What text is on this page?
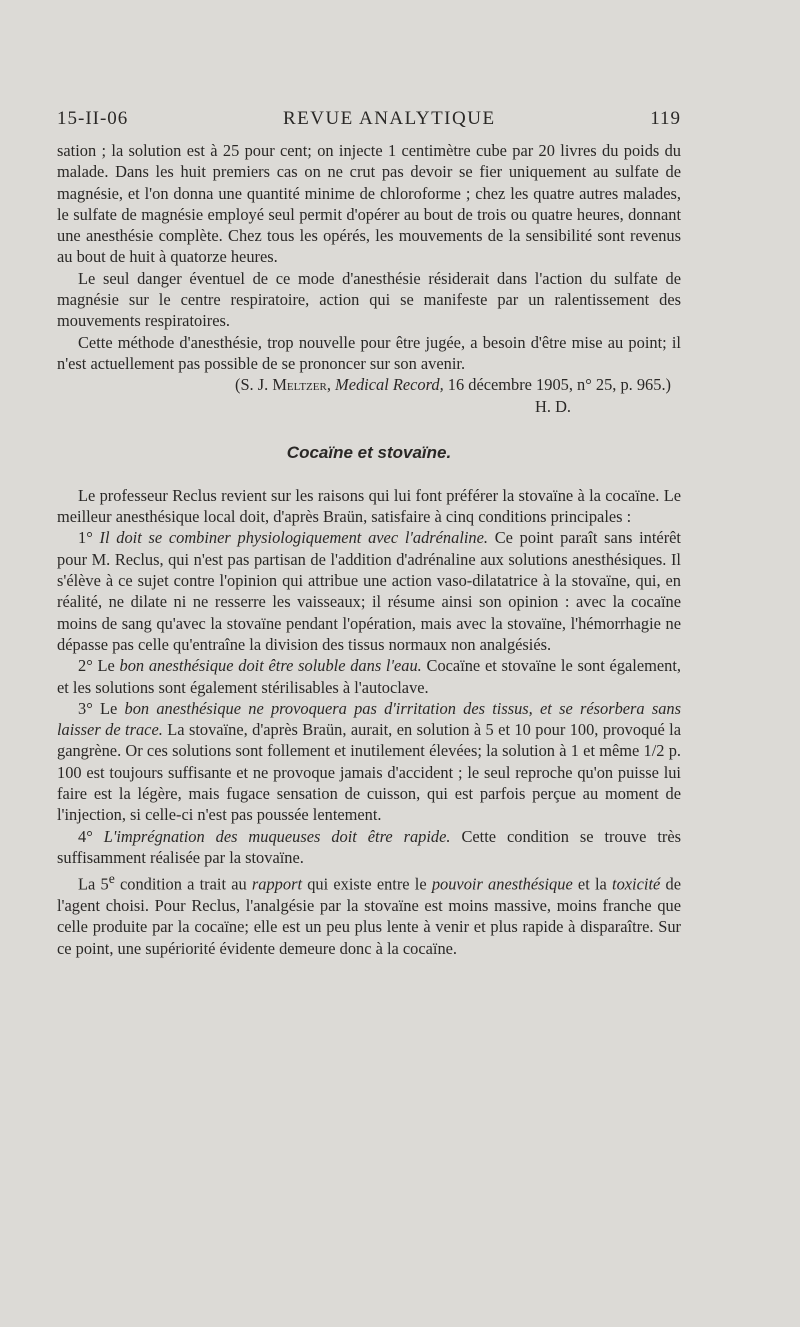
15-II-06	REVUE ANALYTIQUE	119

sation ; la solution est à 25 pour cent; on injecte 1 centimètre cube par 20 livres du poids du malade. Dans les huit premiers cas on ne crut pas devoir se fier uniquement au sulfate de magnésie, et l'on donna une quantité minime de chloroforme ; chez les quatre autres malades, le sulfate de magnésie employé seul permit d'opérer au bout de trois ou quatre heures, donnant une anesthésie complète. Chez tous les opérés, les mouvements de la sensibilité sont revenus au bout de huit à quatorze heures.

Le seul danger éventuel de ce mode d'anesthésie résiderait dans l'action du sulfate de magnésie sur le centre respiratoire, action qui se manifeste par un ralentissement des mouvements respiratoires.

Cette méthode d'anesthésie, trop nouvelle pour être jugée, a besoin d'être mise au point; il n'est actuellement pas possible de se prononcer sur son avenir.

(S. J. Meltzer, Medical Record, 16 décembre 1905, n° 25, p. 965.)
H. D.
Cocaïne et stovaïne.

Le professeur Reclus revient sur les raisons qui lui font préférer la stovaïne à la cocaïne. Le meilleur anesthésique local doit, d'après Braün, satisfaire à cinq conditions principales :

1° Il doit se combiner physiologiquement avec l'adrénaline. Ce point paraît sans intérêt pour M. Reclus, qui n'est pas partisan de l'addition d'adrénaline aux solutions anesthésiques. Il s'élève à ce sujet contre l'opinion qui attribue une action vaso-dilatatrice à la stovaïne, qui, en réalité, ne dilate ni ne resserre les vaisseaux; il résume ainsi son opinion : avec la cocaïne moins de sang qu'avec la stovaïne pendant l'opération, mais avec la stovaïne, l'hémorrhagie ne dépasse pas celle qu'entraîne la division des tissus normaux non analgésiés.

2° Le bon anesthésique doit être soluble dans l'eau. Cocaïne et stovaïne le sont également, et les solutions sont également stérilisables à l'autoclave.

3° Le bon anesthésique ne provoquera pas d'irritation des tissus, et se résorbera sans laisser de trace. La stovaïne, d'après Braün, aurait, en solution à 5 et 10 pour 100, provoqué la gangrène. Or ces solutions sont follement et inutilement élevées; la solution à 1 et même 1/2 p. 100 est toujours suffisante et ne provoque jamais d'accident ; le seul reproche qu'on puisse lui faire est la légère, mais fugace sensation de cuisson, qui est parfois perçue au moment de l'injection, si celle-ci n'est pas poussée lentement.

4° L'imprégnation des muqueuses doit être rapide. Cette condition se trouve très suffisamment réalisée par la stovaïne.

La 5e condition a trait au rapport qui existe entre le pouvoir anesthésique et la toxicité de l'agent choisi. Pour Reclus, l'analgésie par la stovaïne est moins massive, moins franche que celle produite par la cocaïne; elle est un peu plus lente à venir et plus rapide à disparaître. Sur ce point, une supériorité évidente demeure donc à la cocaïne.
